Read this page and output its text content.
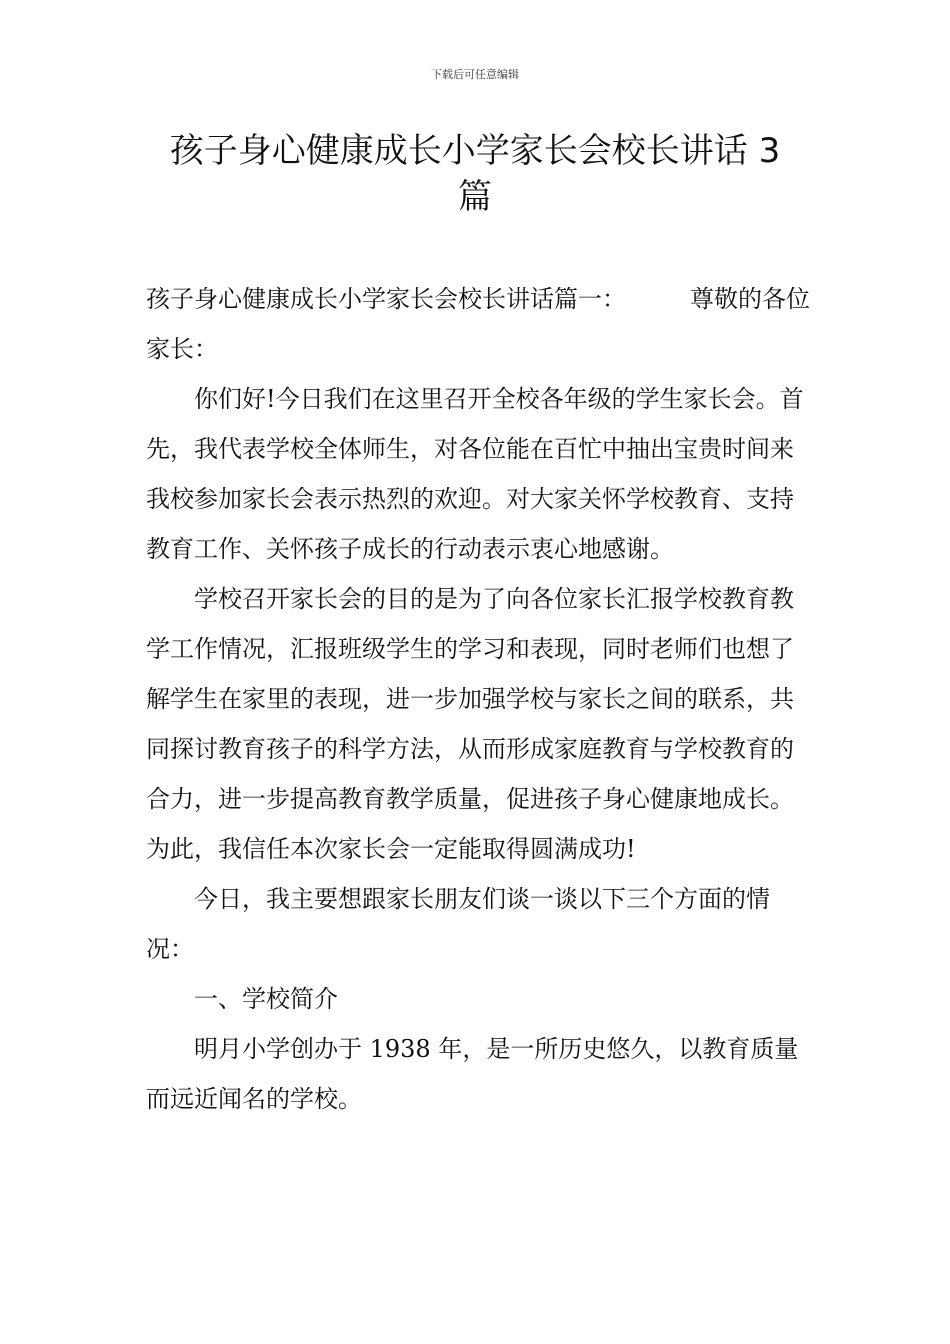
下载后可任意编辑
孩子身心健康成长小学家长会校长讲话 3
篇

孩子身心健康成长小学家长会校长讲话篇一：	尊敬的各位家长：

你们好!今日我们在这里召开全校各年级的学生家长会。首先，我代表学校全体师生，对各位能在百忙中抽出宝贵时间来我校参加家长会表示热烈的欢迎。对大家关怀学校教育、支持教育工作、关怀孩子成长的行动表示衷心地感谢。

学校召开家长会的目的是为了向各位家长汇报学校教育教学工作情况，汇报班级学生的学习和表现，同时老师们也想了解学生在家里的表现，进一步加强学校与家长之间的联系，共同探讨教育孩子的科学方法，从而形成家庭教育与学校教育的合力，进一步提高教育教学质量，促进孩子身心健康地成长。为此，我信任本次家长会一定能取得圆满成功!

今日，我主要想跟家长朋友们谈一谈以下三个方面的情况：

一、学校简介

明月小学创办于 1938 年，是一所历史悠久，以教育质量而远近闻名的学校。
